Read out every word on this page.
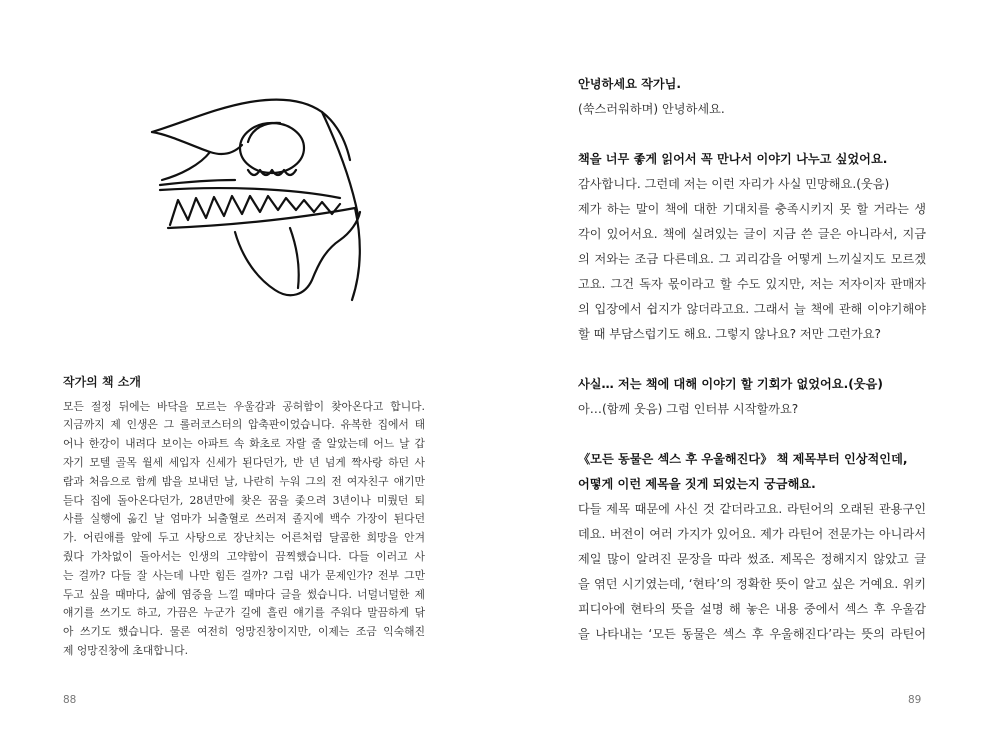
작가의 책 소개
모든 절정 뒤에는 바닥을 모르는 우울감과 공허함이 찾아온다고 합니다.
지금까지 제 인생은 그 롤러코스터의 압축판이었습니다. 유복한 집에서 태
어나 한강이 내려다 보이는 아파트 속 화초로 자랄 줄 알았는데 어느 날 갑
자기 모텔 골목 월세 세입자 신세가 된다던가, 반 년 넘게 짝사랑 하던 사
람과 처음으로 함께 밤을 보내던 날, 나란히 누워 그의 전 여자친구 얘기만
듣다 집에 돌아온다던가, 28년만에 찾은 꿈을 좇으려 3년이나 미뤘던 퇴
사를 실행에 옮긴 날 엄마가 뇌출혈로 쓰러져 졸지에 백수 가장이 된다던
가. 어린애를 앞에 두고 사탕으로 장난치는 어른처럼 달콤한 희망을 안겨
줬다 가차없이 돌아서는 인생의 고약함이 끔찍했습니다. 다들 이러고 사
는 걸까? 다들 잘 사는데 나만 힘든 걸까? 그럼 내가 문제인가? 전부 그만
두고 싶을 때마다, 삶에 염증을 느낄 때마다 글을 썼습니다. 너덜너덜한 제
얘기를 쓰기도 하고, 가끔은 누군가 길에 흘린 얘기를 주워다 말끔하게 닦
아 쓰기도 했습니다. 물론 여전히 엉망진창이지만, 이제는 조금 익숙해진
제 엉망진창에 초대합니다.
88
안녕하세요 작가님.
(쑥스러워하며) 안녕하세요.
책을 너무 좋게 읽어서 꼭 만나서 이야기 나누고 싶었어요.
감사합니다. 그런데 저는 이런 자리가 사실 민망해요.(웃음)
제가 하는 말이 책에 대한 기대치를 충족시키지 못 할 거라는 생
각이 있어서요. 책에 실려있는 글이 지금 쓴 글은 아니라서, 지금
의 저와는 조금 다른데요. 그 괴리감을 어떻게 느끼실지도 모르겠
고요. 그건 독자 몫이라고 할 수도 있지만, 저는 저자이자 판매자
의 입장에서 쉽지가 않더라고요. 그래서 늘 책에 관해 이야기해야
할 때 부담스럽기도 해요. 그렇지 않나요? 저만 그런가요?
사실… 저는 책에 대해 이야기 할 기회가 없었어요.(웃음)
아…(함께 웃음) 그럼 인터뷰 시작할까요?
《모든 동물은 섹스 후 우울해진다》 책 제목부터 인상적인데,
어떻게 이런 제목을 짓게 되었는지 궁금해요.
다들 제목 때문에 사신 것 같더라고요. 라틴어의 오래된 관용구인
데요. 버전이 여러 가지가 있어요. 제가 라틴어 전문가는 아니라서
제일 많이 알려진 문장을 따라 썼죠. 제목은 정해지지 않았고 글
을 엮던 시기였는데, ‘현타’의 정확한 뜻이 알고 싶은 거예요. 위키
피디아에 현타의 뜻을 설명 해 놓은 내용 중에서 섹스 후 우울감
을 나타내는 ‘모든 동물은 섹스 후 우울해진다’라는 뜻의 라틴어
89
